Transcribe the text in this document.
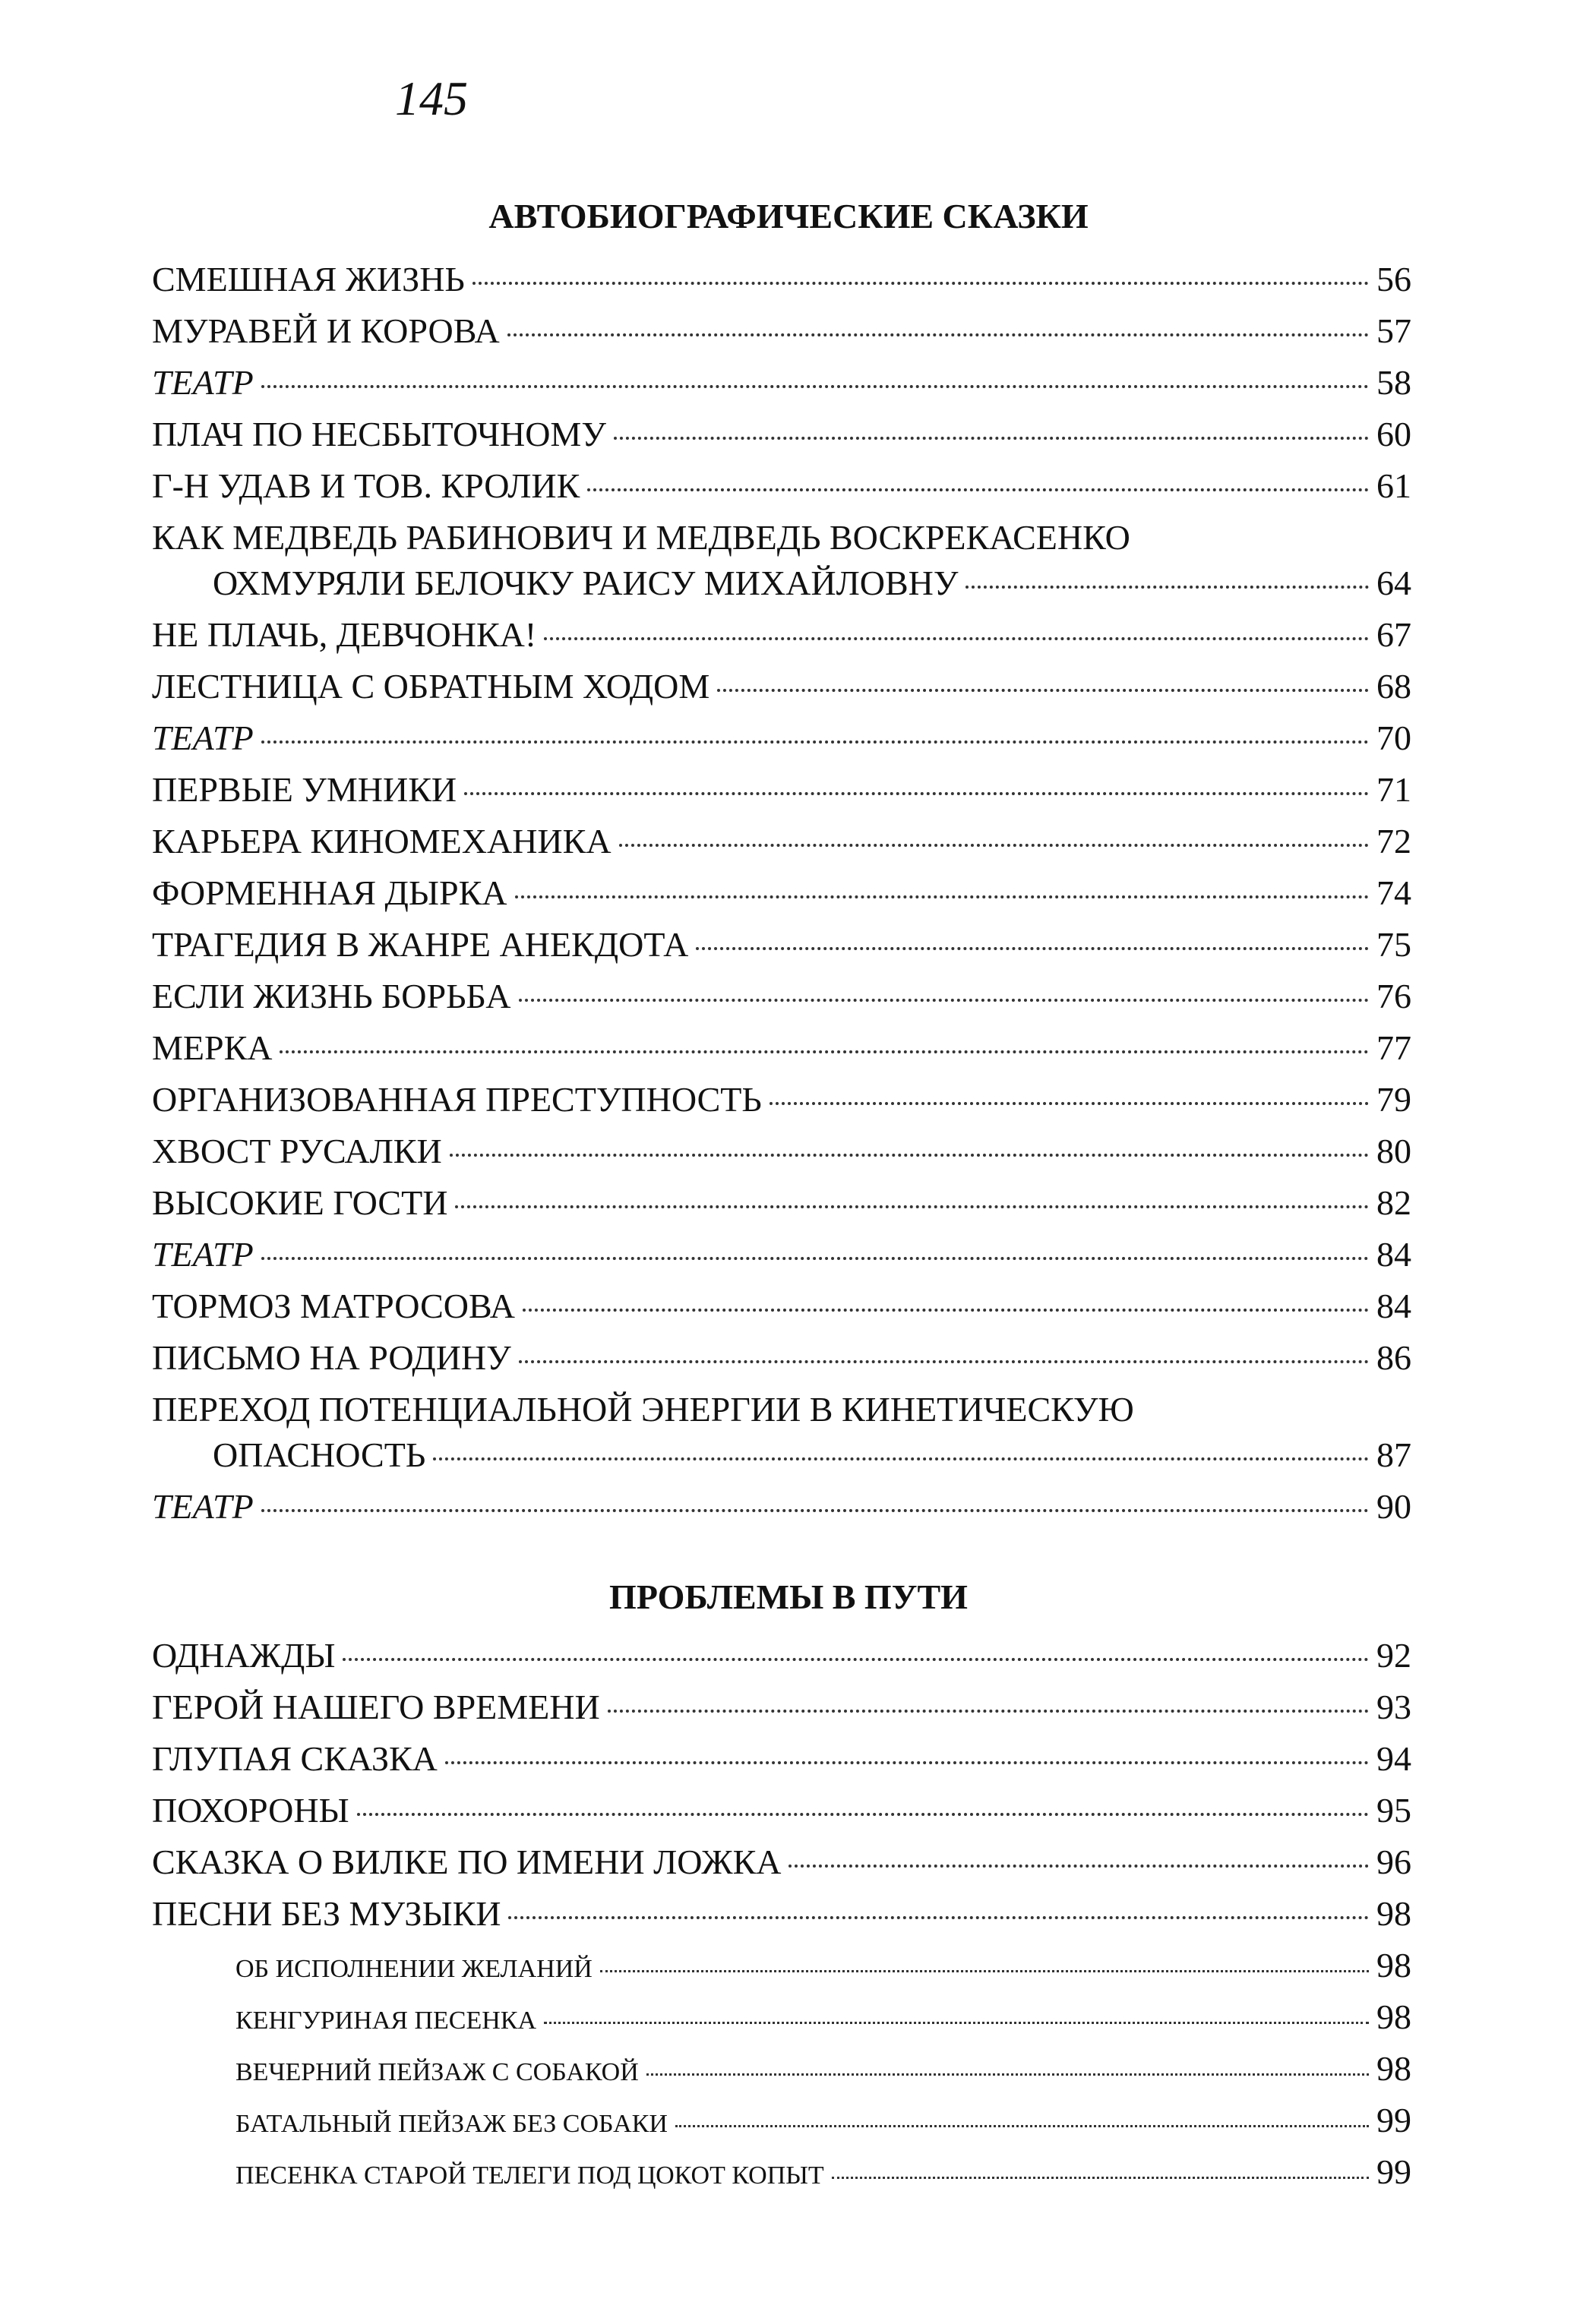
145
АВТОБИОГРАФИЧЕСКИЕ СКАЗКИ
СМЕШНАЯ ЖИЗНЬ	56
МУРАВЕЙ И КОРОВА	57
ТЕАТР	58
ПЛАЧ ПО НЕСБЫТОЧНОМУ	60
Г-Н УДАВ И ТОВ. КРОЛИК	61
КАК МЕДВЕДЬ РАБИНОВИЧ И МЕДВЕДЬ ВОСКРЕКАСЕНКО
ОХМУРЯЛИ БЕЛОЧКУ РАИСУ МИХАЙЛОВНУ	64
НЕ ПЛАЧЬ, ДЕВЧОНКА!	67
ЛЕСТНИЦА С ОБРАТНЫМ ХОДОМ	68
ТЕАТР	70
ПЕРВЫЕ УМНИКИ	71
КАРЬЕРА КИНОМЕХАНИКА	72
ФОРМЕННАЯ ДЫРКА	74
ТРАГЕДИЯ В ЖАНРЕ АНЕКДОТА	75
ЕСЛИ ЖИЗНЬ БОРЬБА	76
МЕРКА	77
ОРГАНИЗОВАННАЯ ПРЕСТУПНОСТЬ	79
ХВОСТ РУСАЛКИ	80
ВЫСОКИЕ ГОСТИ	82
ТЕАТР	84
ТОРМОЗ МАТРОСОВА	84
ПИСЬМО НА РОДИНУ	86
ПЕРЕХОД ПОТЕНЦИАЛЬНОЙ ЭНЕРГИИ В КИНЕТИЧЕСКУЮ
ОПАСНОСТЬ	87
ТЕАТР	90
ПРОБЛЕМЫ В ПУТИ
ОДНАЖДЫ	92
ГЕРОЙ НАШЕГО ВРЕМЕНИ	93
ГЛУПАЯ СКАЗКА	94
ПОХОРОНЫ	95
СКАЗКА О ВИЛКЕ ПО ИМЕНИ ЛОЖКА	96
ПЕСНИ БЕЗ МУЗЫКИ	98
ОБ ИСПОЛНЕНИИ ЖЕЛАНИЙ	98
КЕНГУРИНАЯ ПЕСЕНКА	98
ВЕЧЕРНИЙ ПЕЙЗАЖ С СОБАКОЙ	98
БАТАЛЬНЫЙ ПЕЙЗАЖ БЕЗ СОБАКИ	99
ПЕСЕНКА СТАРОЙ ТЕЛЕГИ ПОД ЦОКОТ КОПЫТ	99
